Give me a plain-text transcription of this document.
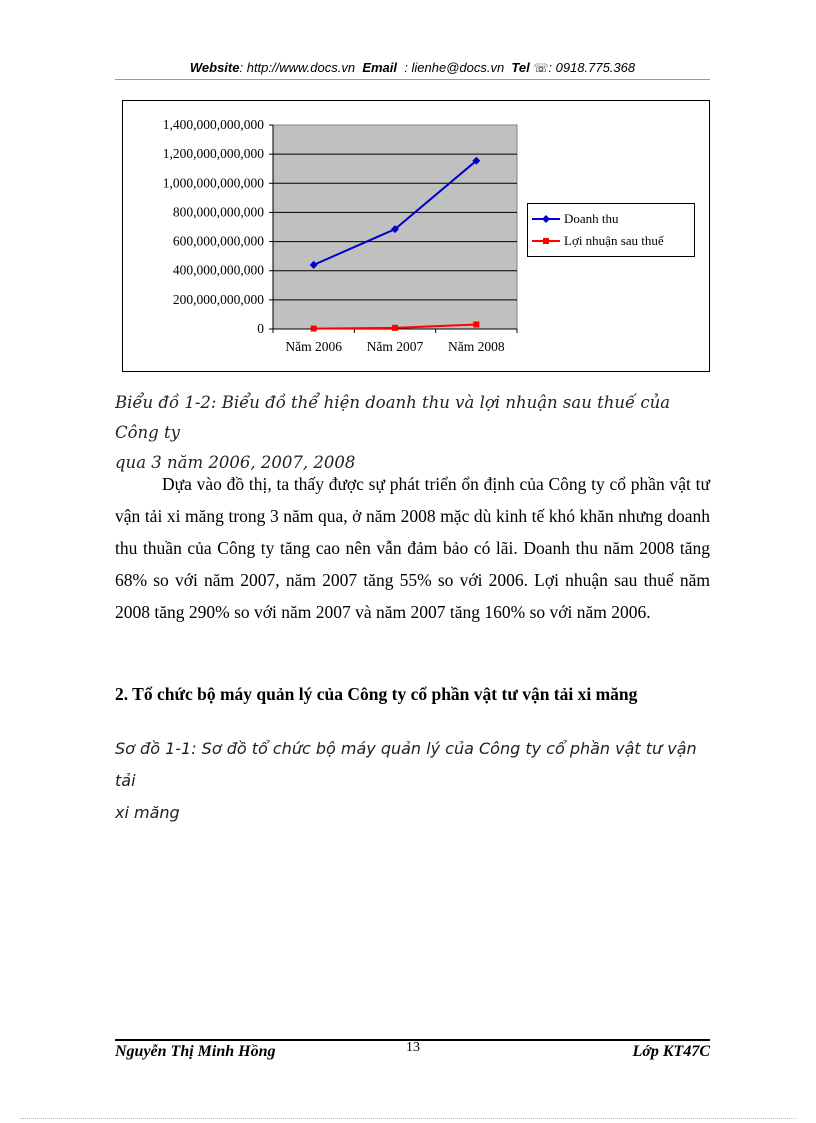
Website: http://www.docs.vn Email : lienhe@docs.vn Tel ☏: 0918.775.368
0
200,000,000,000
400,000,000,000
600,000,000,000
800,000,000,000
1,000,000,000,000
1,200,000,000,000
1,400,000,000,000
Năm 2006 Năm 2007 Năm 2008
Doanh thu
Lợi nhuận sau thuế
Biểu đồ 1-2: Biểu đồ thể hiện doanh thu và lợi nhuận sau thuế của Công ty
qua 3 năm 2006, 2007, 2008

Dựa vào đồ thị, ta thấy được sự phát triển ổn định của Công ty cổ phần vật tư vận tải xi măng trong 3 năm qua, ở năm 2008 mặc dù kinh tế khó khăn nhưng doanh thu thuần của Công ty tăng cao nên vẫn đảm bảo có lãi. Doanh thu năm 2008 tăng 68% so với năm 2007, năm 2007 tăng 55% so với 2006. Lợi nhuận sau thuế năm 2008 tăng 290% so với năm 2007 và năm 2007 tăng 160% so với năm 2006.

2. Tổ chức bộ máy quản lý của Công ty cổ phần vật tư vận tải xi măng
Sơ đồ 1-1: Sơ đồ tổ chức bộ máy quản lý của Công ty cổ phần vật tư vận tải
xi măng
Nguyễn Thị Minh Hồng	13	Lớp KT47C
